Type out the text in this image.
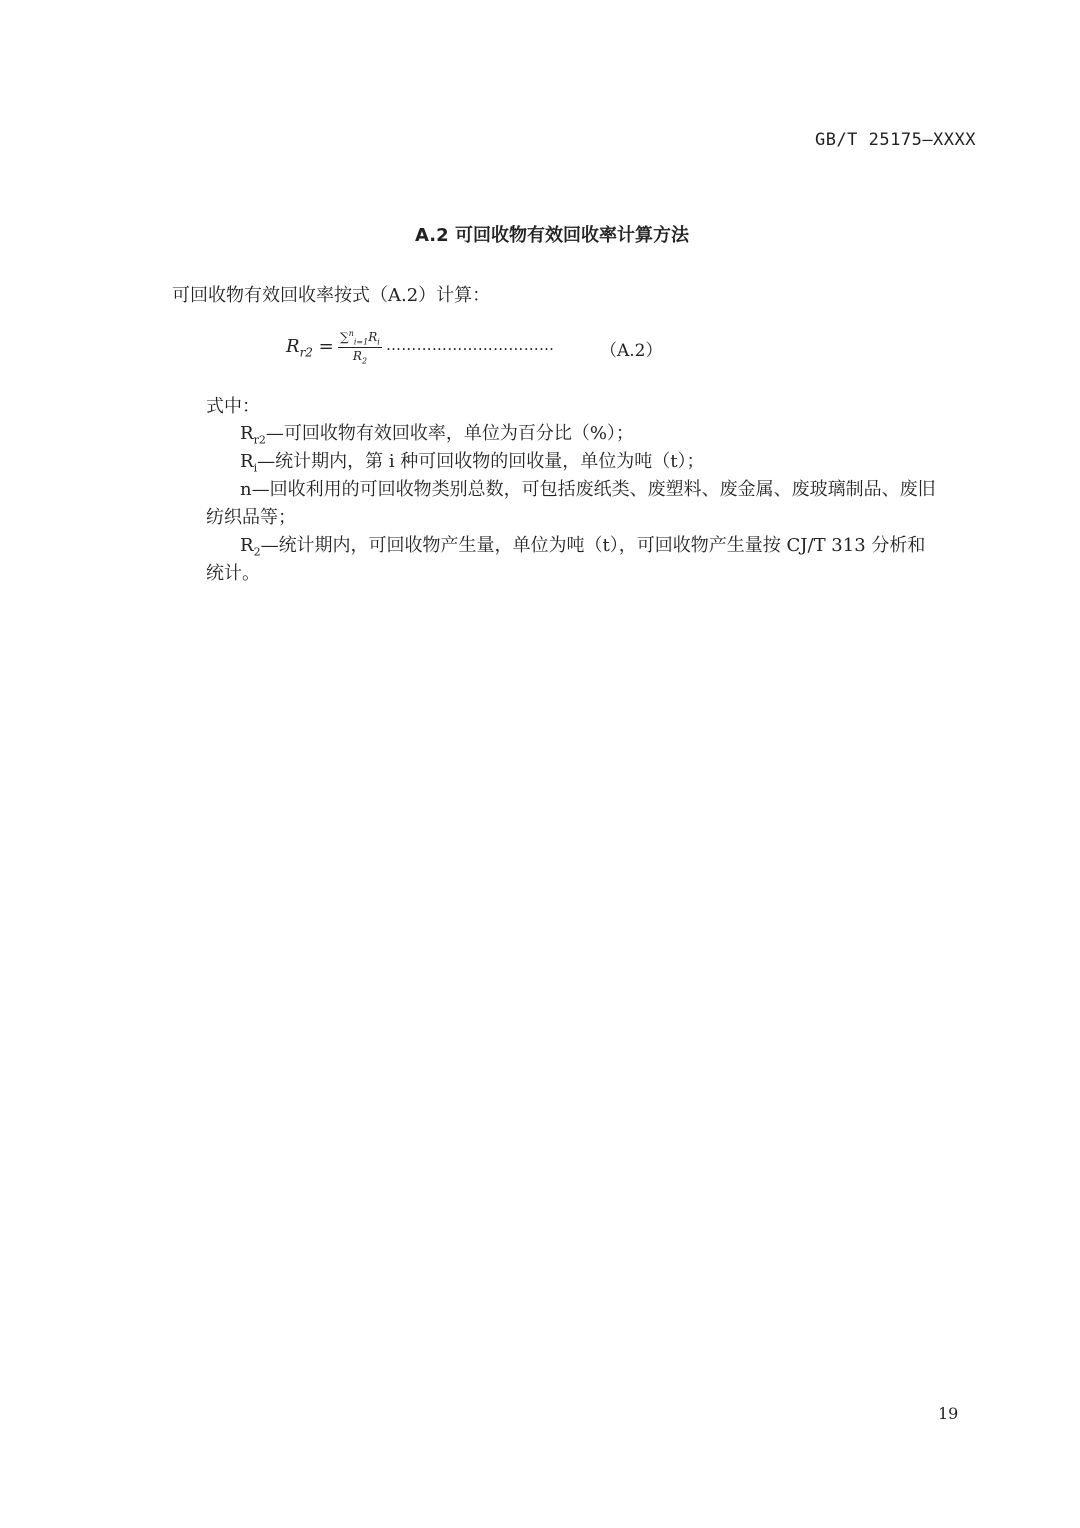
GB/T 25175—XXXX
A.2 可回收物有效回收率计算方法
可回收物有效回收率按式（A.2）计算：
$R_{r2} = \frac{\sum^n_{i=1}R_i}{R_2}$ ……………………………	（A.2）
式中：
$R_{r2}—$可回收物有效回收率，单位为百分比（%）；
$R_i—$统计期内，第 i 种可回收物的回收量，单位为吨（t）；
n—回收利用的可回收物类别总数，可包括废纸类、废塑料、废金属、废玻璃制品、废旧
纺织品等；
$R_2—$统计期内，可回收物产生量，单位为吨（t），可回收物产生量按 CJ/T 313 分析和
统计。
19
